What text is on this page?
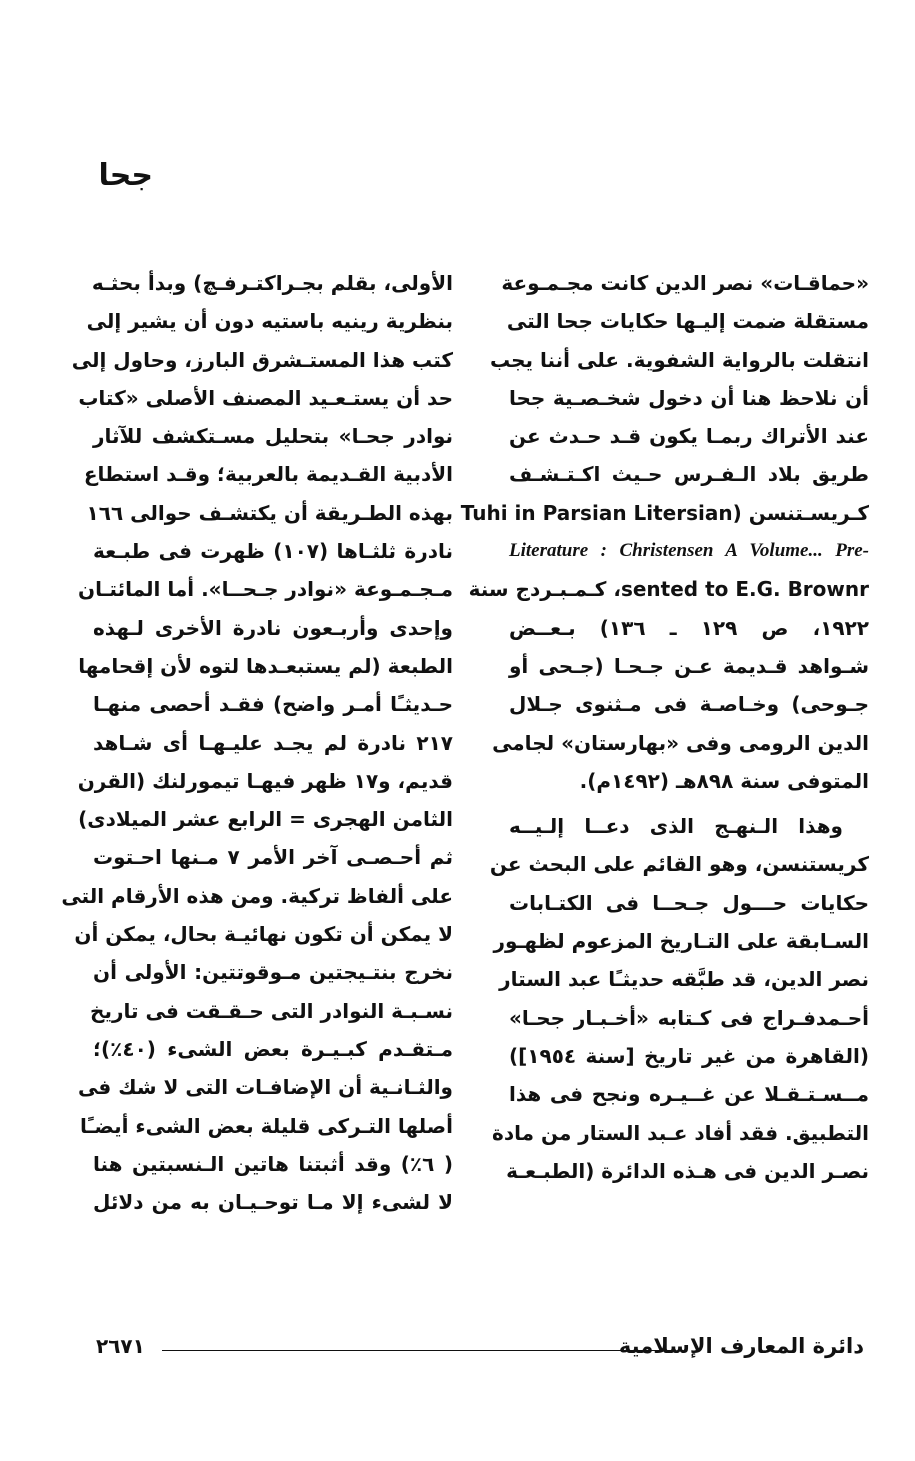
جحا
«حماقـات» نصر الدين كانت مجـمـوعة
مستقلة ضمت إليـها حكايات جحا التى
انتقلت بالرواية الشفوية. على أننا يجب
أن نلاحظ هنا أن دخول شخـصـية جحا
عند الأتراك ربمـا يكون قـد حـدث عن
طريق بلاد الـفـرس حـيث اكـتـشـف
كـريسـتنسن (Tuhi in Parsian Litersian
Literature : Christensen A Volume... Pre-
sented to E.G. Brownr، كـمـبـردج سنة
١٩٢٢، ص ١٢٩ ـ ١٣٦) بـعــض
شـواهد قـديمة عـن جـحـا (جـحى أو
جـوحى) وخـاصـة فى مـثنوى جـلال
الدين الرومى وفى «بهارستان» لجامى
المتوفى سنة ٨٩٨هـ (١٤٩٢م).
وهذا الـنهـج الذى دعــا إلـيــه
كريستنسن، وهو القائم على البحث عن
حكايات حـــول جـحــا فى الكتـابات
السـابقة على التـاريخ المزعوم لظهـور
نصر الدين، قد طبَّقه حديثـًا عبد الستار
أحـمدفـراج فى كـتابه «أخـبـار جحـا»
(القاهرة من غير تاريخ [سنة ١٩٥٤])
مــسـتـقـلا عن غــيـره ونجح فى هذا
التطبيق. فقد أفاد عـبد الستار من مادة
نصـر الدين فى هـذه الدائرة (الطبـعـة
الأولى، بقلم بجـراكتـرفـچ) وبدأ بحثـه
بنظرية رينيه باستيه دون أن يشير إلى
كتب هذا المستـشرق البارز، وحاول إلى
حد أن يستـعـيد المصنف الأصلى «كتاب
نوادر جحـا» بتحليل مسـتكشف للآثار
الأدبية القـديمة بالعربية؛ وقـد استطاع
بهذه الطـريقة أن يكتشـف حوالى ١٦٦
نادرة ثلثـاها (١٠٧) ظهرت فى طبـعة
مـجـمـوعة «نوادر جـحــا». أما المائتـان
وإحدى وأربـعون نادرة الأخرى لـهذه
الطبعة (لم يستبعـدها لتوه لأن إقحامها
حـديثـًا أمـر واضح) فقـد أحصى منهـا
٢١٧ نادرة لم يجـد عليـهـا أى شـاهد
قديم، و١٧ ظهر فيهـا تيمورلنك (القرن
الثامن الهجرى = الرابع عشر الميلادى)
ثم أحـصـى آخر الأمر ٧ مـنها احـتوت
على ألفاظ تركية. ومن هذه الأرقام التى
لا يمكن أن تكون نهائيـة بحال، يمكن أن
نخرج بنتـيجتين مـوقوتتين: الأولى أن
نسـبـة النوادر التى حـقـقت فى تاريخ
مـتقـدم كبـيـرة بعض الشىء (٤٠٪)؛
والثـانـية أن الإضافـات التى لا شك فى
أصلها التـركى قليلة بعض الشىء أيضـًا
( ٦٪) وقد أثبتنا هاتين الـنسبتين هنا
لا لشىء إلا مـا توحـيـان به من دلائل
٢٦٧١	دائرة المعارف الإسلامية
